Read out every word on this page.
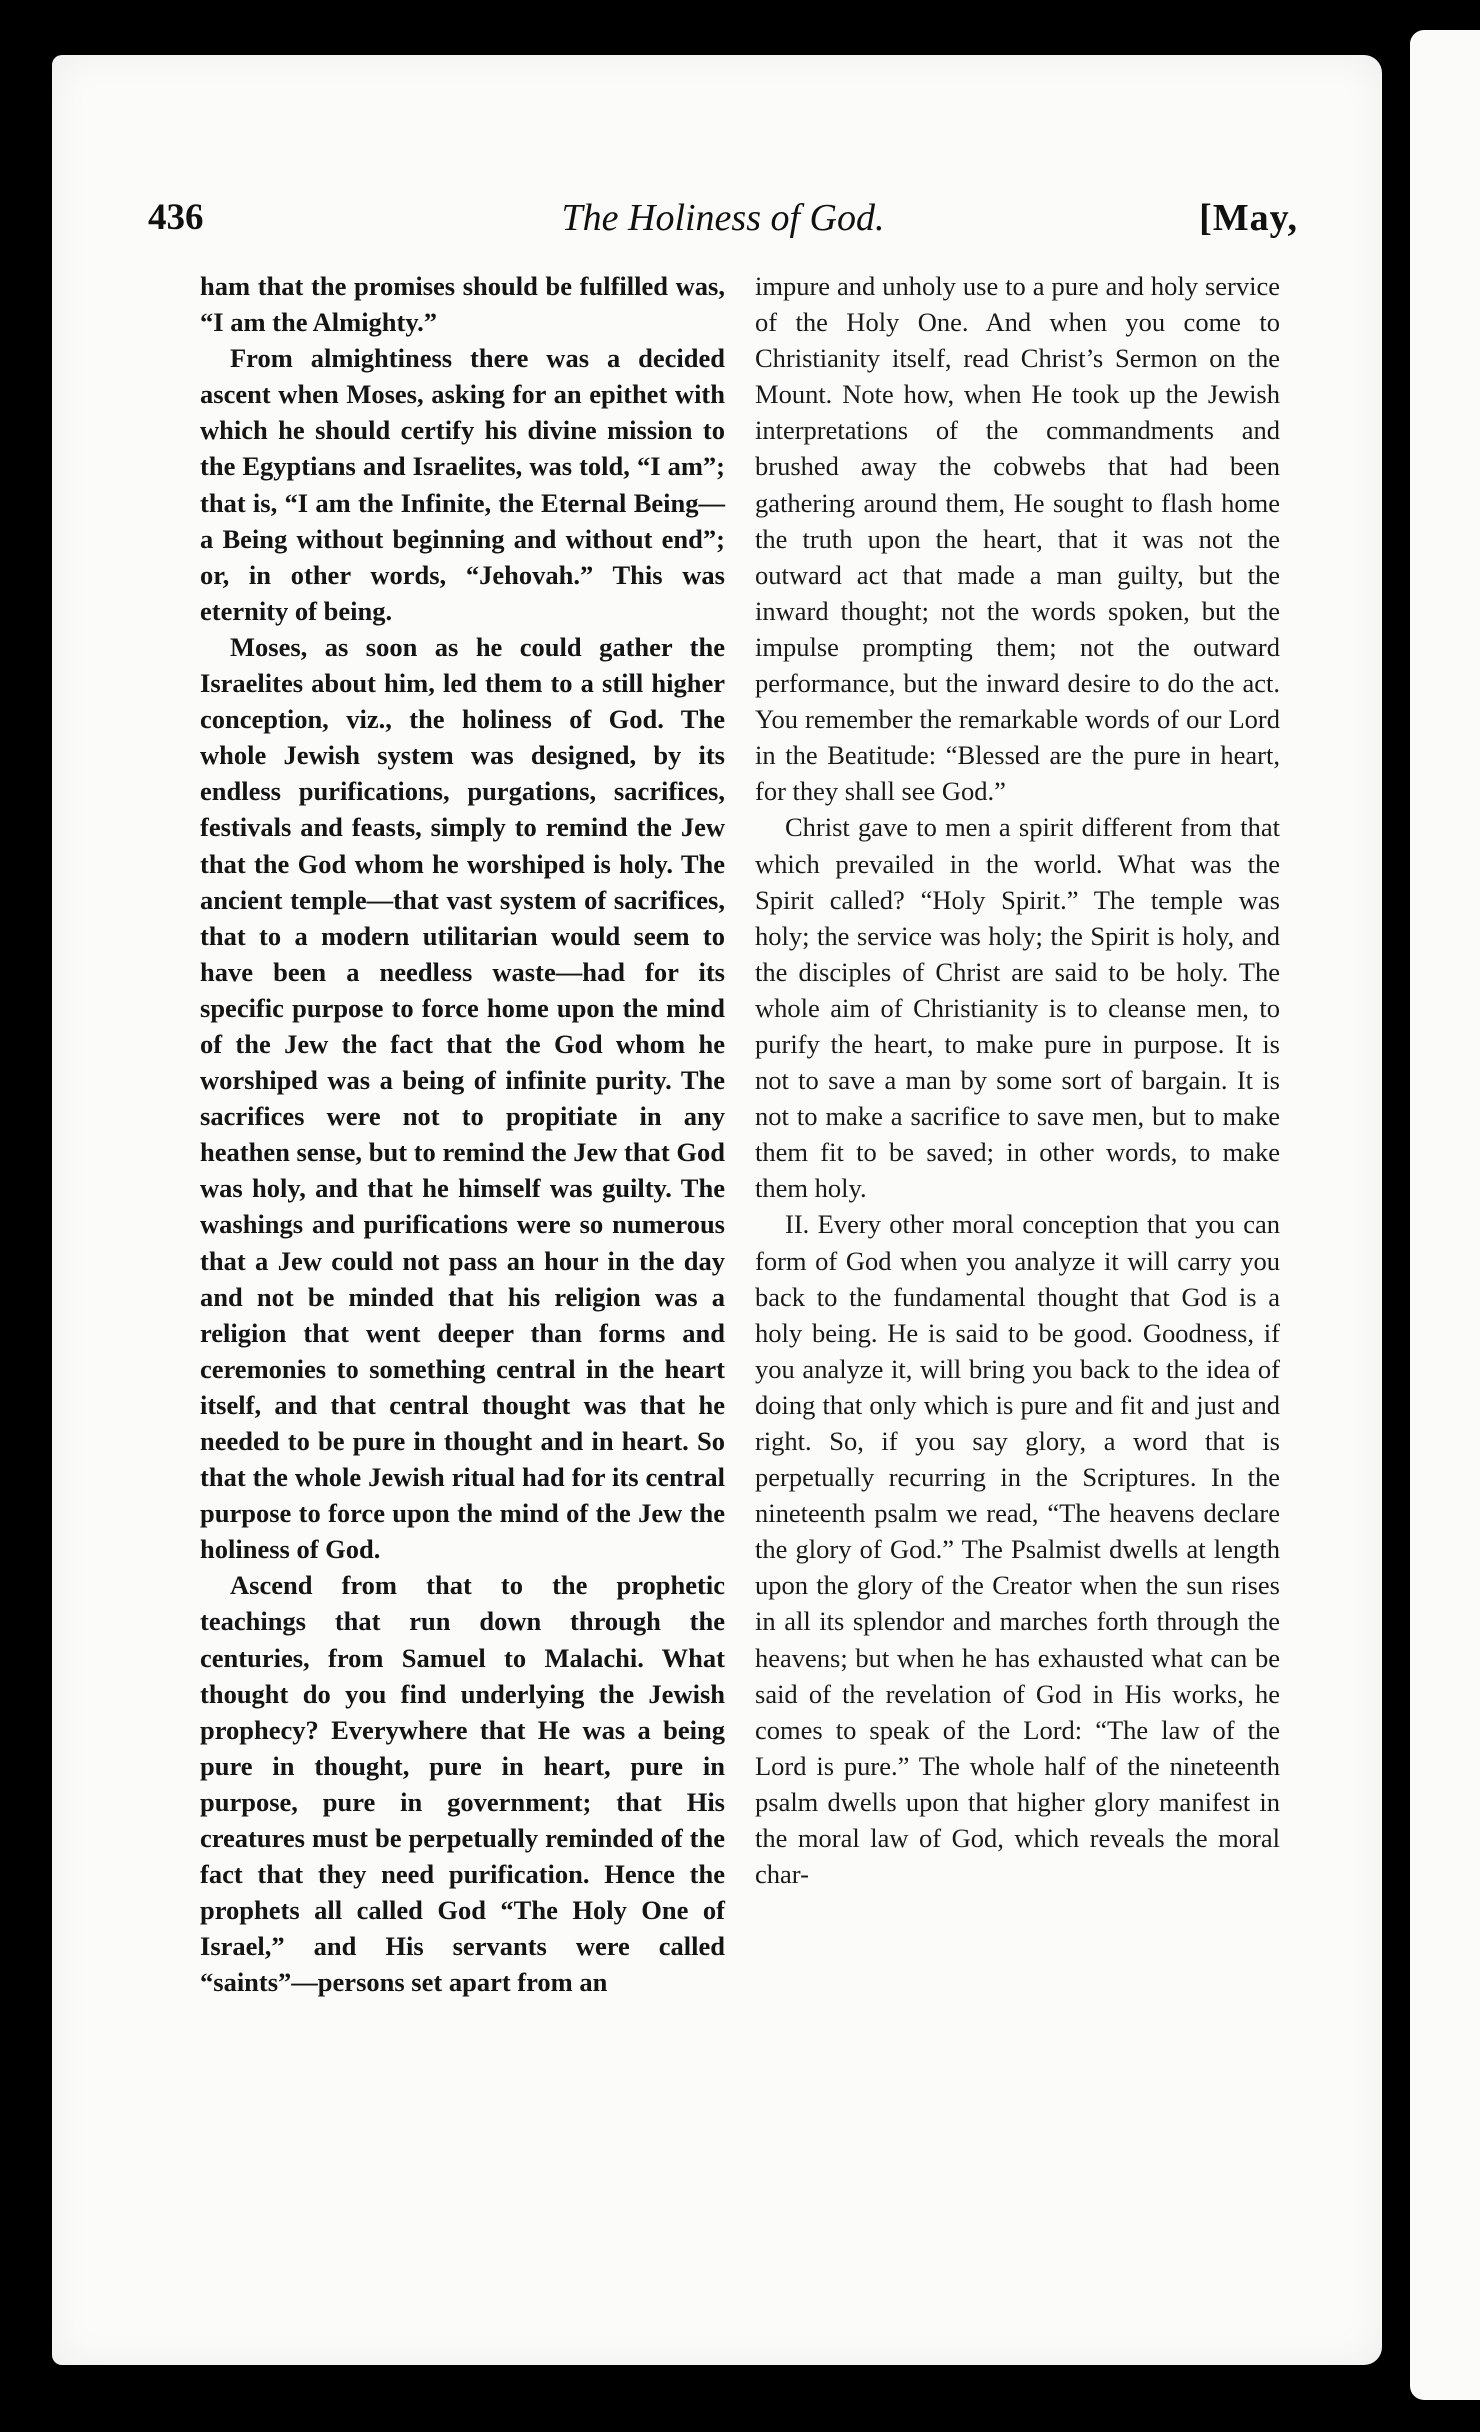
436	The Holiness of God.	[May,

ham that the promises should be fulfilled was, “I am the Almighty.”

From almightiness there was a decided ascent when Moses, asking for an epithet with which he should certify his divine mission to the Egyptians and Israelites, was told, “I am”; that is, “I am the Infinite, the Eternal Being—a Being without beginning and without end”; or, in other words, “Jehovah.” This was eternity of being.

Moses, as soon as he could gather the Israelites about him, led them to a still higher conception, viz., the holiness of God. The whole Jewish system was designed, by its endless purifications, purgations, sacrifices, festivals and feasts, simply to remind the Jew that the God whom he worshiped is holy. The ancient temple—that vast system of sacrifices, that to a modern utilitarian would seem to have been a needless waste—had for its specific purpose to force home upon the mind of the Jew the fact that the God whom he worshiped was a being of infinite purity. The sacrifices were not to propitiate in any heathen sense, but to remind the Jew that God was holy, and that he himself was guilty. The washings and purifications were so numerous that a Jew could not pass an hour in the day and not be minded that his religion was a religion that went deeper than forms and ceremonies to something central in the heart itself, and that central thought was that he needed to be pure in thought and in heart. So that the whole Jewish ritual had for its central purpose to force upon the mind of the Jew the holiness of God.

Ascend from that to the prophetic teachings that run down through the centuries, from Samuel to Malachi. What thought do you find underlying the Jewish prophecy? Everywhere that He was a being pure in thought, pure in heart, pure in purpose, pure in government; that His creatures must be perpetually reminded of the fact that they need purification. Hence the prophets all called God “The Holy One of Israel,” and His servants were called “saints”—persons set apart from an

impure and unholy use to a pure and holy service of the Holy One. And when you come to Christianity itself, read Christ’s Sermon on the Mount. Note how, when He took up the Jewish interpretations of the commandments and brushed away the cobwebs that had been gathering around them, He sought to flash home the truth upon the heart, that it was not the outward act that made a man guilty, but the inward thought; not the words spoken, but the impulse prompting them; not the outward performance, but the inward desire to do the act. You remember the remarkable words of our Lord in the Beatitude: “Blessed are the pure in heart, for they shall see God.”

Christ gave to men a spirit different from that which prevailed in the world. What was the Spirit called? “Holy Spirit.” The temple was holy; the service was holy; the Spirit is holy, and the disciples of Christ are said to be holy. The whole aim of Christianity is to cleanse men, to purify the heart, to make pure in purpose. It is not to save a man by some sort of bargain. It is not to make a sacrifice to save men, but to make them fit to be saved; in other words, to make them holy.

II. Every other moral conception that you can form of God when you analyze it will carry you back to the fundamental thought that God is a holy being. He is said to be good. Goodness, if you analyze it, will bring you back to the idea of doing that only which is pure and fit and just and right. So, if you say glory, a word that is perpetually recurring in the Scriptures. In the nineteenth psalm we read, “The heavens declare the glory of God.” The Psalmist dwells at length upon the glory of the Creator when the sun rises in all its splendor and marches forth through the heavens; but when he has exhausted what can be said of the revelation of God in His works, he comes to speak of the Lord: “The law of the Lord is pure.” The whole half of the nineteenth psalm dwells upon that higher glory manifest in the moral law of God, which reveals the moral char-
